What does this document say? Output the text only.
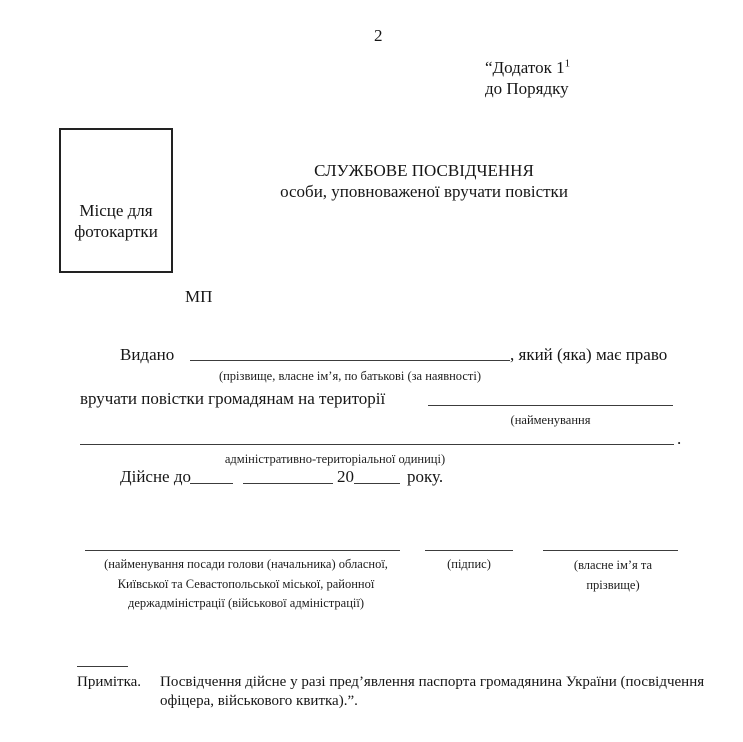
2
“Додаток $1^1$
до Порядку
Місце для фотокартки
МП
СЛУЖБОВЕ ПОСВІДЧЕННЯ
особи, уповноваженої вручати повістки
Видано	, який (яка) має право
(прізвище, власне ім’я, по батькові (за наявності)
вручати повістки громадянам на території
(найменування
.
адміністративно-територіальної одиниці)
Дійсне до	20	року.
(найменування посади голови (начальника) обласної,
Київської та Севастопольської міської, районної
держадміністрації (військової адміністрації)
(підпис)	(власне ім’я та прізвище)
Примітка.	Посвідчення дійсне у разі пред’явлення паспорта громадянина України (посвідчення офіцера, військового квитка).”.
